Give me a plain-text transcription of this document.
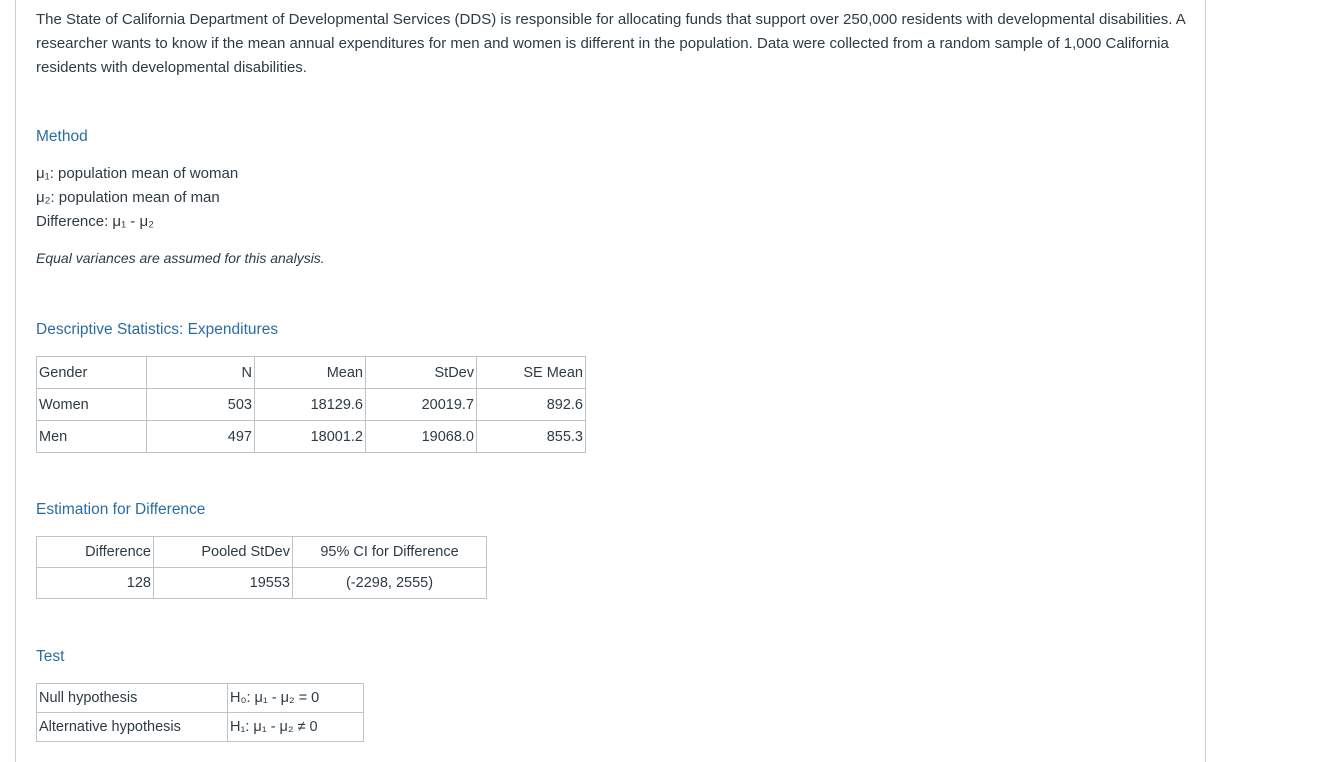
The State of California Department of Developmental Services (DDS) is responsible for allocating funds that support over 250,000 residents with developmental disabilities. A researcher wants to know if the mean annual expenditures for men and women is different in the population. Data were collected from a random sample of 1,000 California residents with developmental disabilities.

Method

μ₁: population mean of woman

μ₂: population mean of man

Difference: μ₁ - μ₂

Equal variances are assumed for this analysis.

Descriptive Statistics: Expenditures
Gender	N	Mean	StDev	SE Mean
Women	503	18129.6	20019.7	892.6
Men	497	18001.2	19068.0	855.3
Estimation for Difference
Difference	Pooled StDev	95% CI for Difference
128	19553	(-2298, 2555)
Test
Null hypothesis	H₀: μ₁ - μ₂ = 0
Alternative hypothesis	H₁: μ₁ - μ₂ ≠ 0
